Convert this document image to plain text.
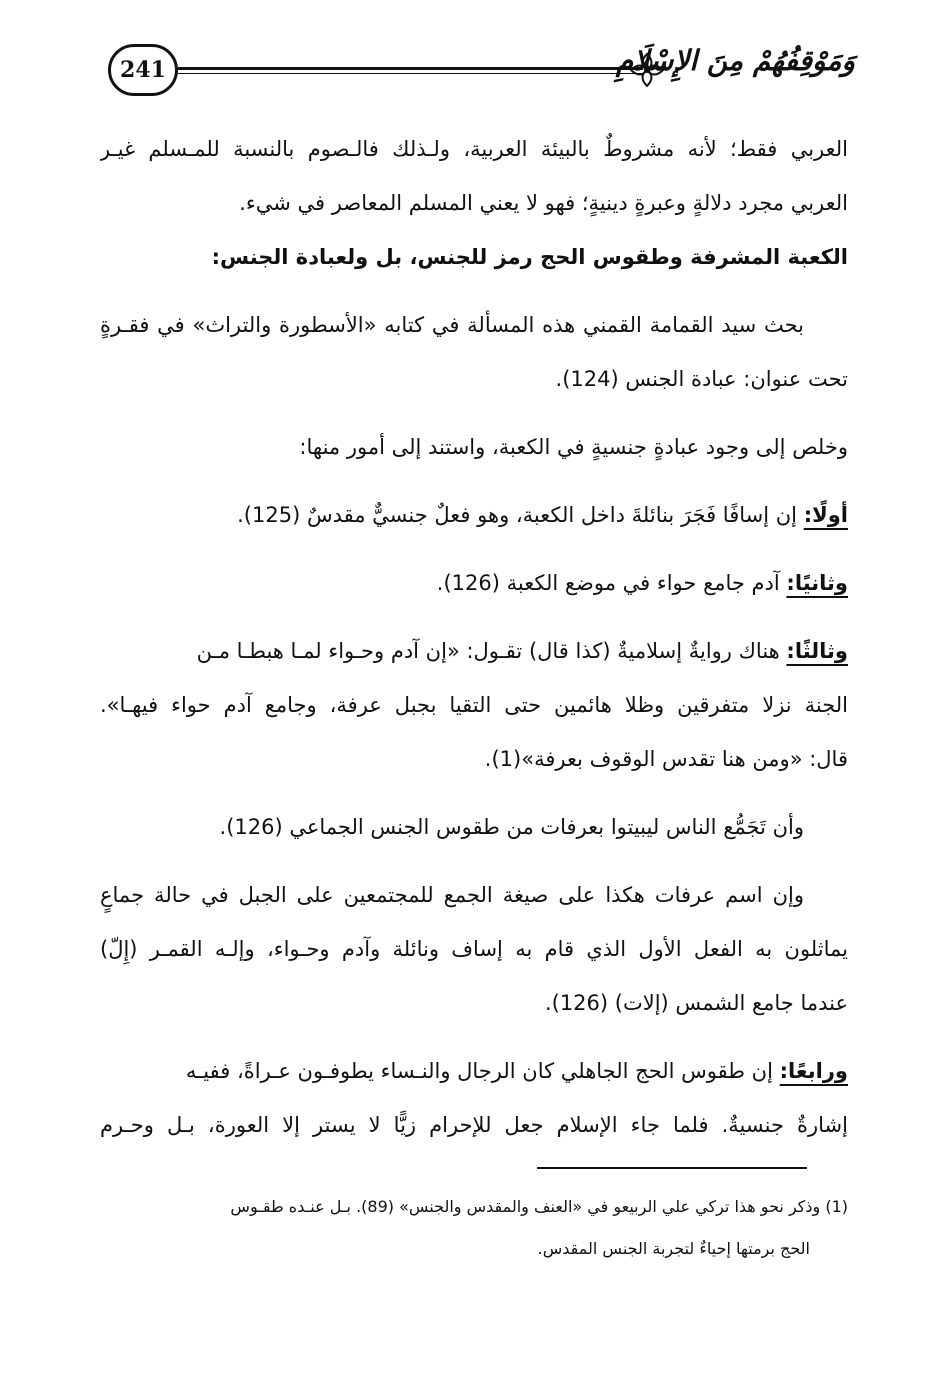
241	وَمَوْقِفُهُمْ مِنَ الإِسْلَامِ
العربي فقط؛ لأنه مشروطٌ بالبيئة العربية، ولـذلك فالـصوم بالنسبة للمـسلم غيـر
العربي مجرد دلالةٍ وعبرةٍ دينيةٍ؛ فهو لا يعني المسلم المعاصر في شيء.
الكعبة المشرفة وطقوس الحج رمز للجنس، بل ولعبادة الجنس:
بحث سيد القمامة القمني هذه المسألة في كتابه «الأسطورة والتراث» في فقـرةٍ
تحت عنوان: عبادة الجنس (124).
وخلص إلى وجود عبادةٍ جنسيةٍ في الكعبة، واستند إلى أمور منها:
أولًا: إن إسافًا فَجَرَ بنائلةَ داخل الكعبة، وهو فعلٌ جنسيٌّ مقدسٌ (125).
وثانيًا: آدم جامع حواء في موضع الكعبة (126).
وثالثًا: هناك روايةٌ إسلاميةٌ (كذا قال) تقـول: «إن آدم وحـواء لمـا هبطـا مـن
الجنة نزلا متفرقين وظلا هائمين حتى التقيا بجبل عرفة، وجامع آدم حواء فيهـا».
قال: «ومن هنا تقدس الوقوف بعرفة»(1).
وأن تَجَمُّع الناس ليبيتوا بعرفات من طقوس الجنس الجماعي (126).
وإن اسم عرفات هكذا على صيغة الجمع للمجتمعين على الجبل في حالة جماعٍ
يماثلون به الفعل الأول الذي قام به إساف ونائلة وآدم وحـواء، وإلـه القمـر (إِلّ)
عندما جامع الشمس (إلات) (126).
ورابعًا: إن طقوس الحج الجاهلي كان الرجال والنـساء يطوفـون عـراةً، ففيـه
إشارةٌ جنسيةٌ. فلما جاء الإسلام جعل للإحرام زيًّا لا يستر إلا العورة، بـل وحـرم
(1) وذكر نحو هذا تركي علي الربيعو في «العنف والمقدس والجنس» (89). بـل عنـده طقـوس
الحج برمتها إحياءٌ لتجربة الجنس المقدس.
